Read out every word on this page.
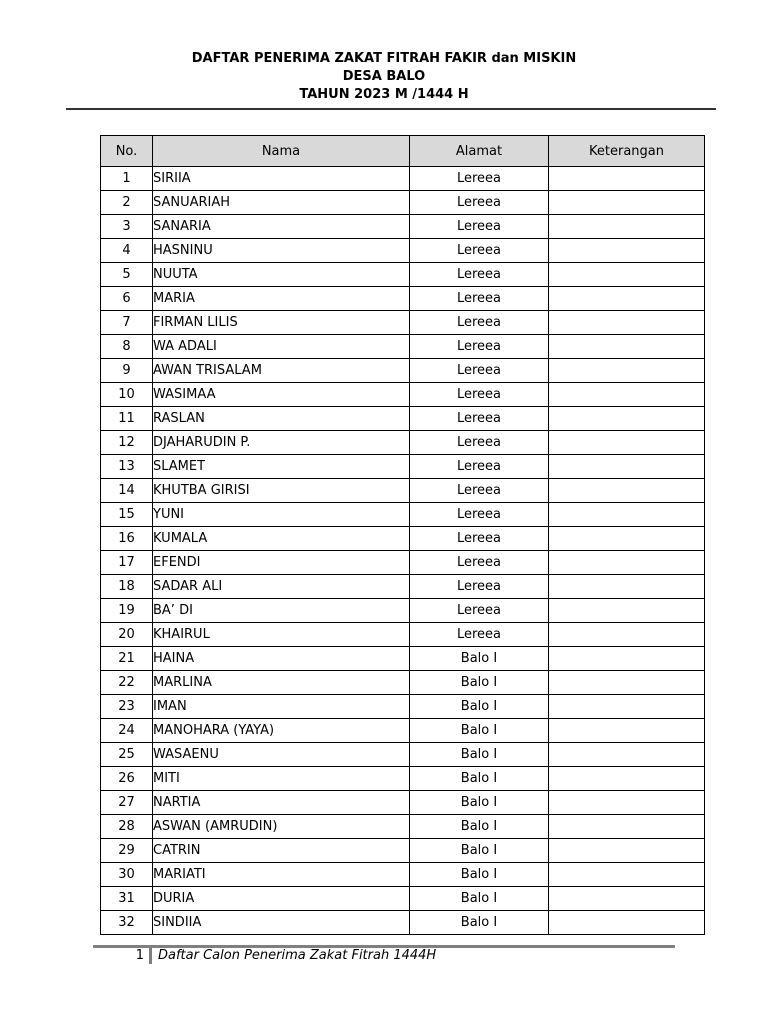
DAFTAR PENERIMA ZAKAT FITRAH FAKIR dan MISKIN
DESA BALO
TAHUN 2023 M /1444 H
No.	Nama	Alamat	Keterangan
1	SIRIIA	Lereea	
2	SANUARIAH	Lereea	
3	SANARIA	Lereea	
4	HASNINU	Lereea	
5	NUUTA	Lereea	
6	MARIA	Lereea	
7	FIRMAN LILIS	Lereea	
8	WA ADALI	Lereea	
9	AWAN TRISALAM	Lereea	
10	WASIMAA	Lereea	
11	RASLAN	Lereea	
12	DJAHARUDIN P.	Lereea	
13	SLAMET	Lereea	
14	KHUTBA GIRISI	Lereea	
15	YUNI	Lereea	
16	KUMALA	Lereea	
17	EFENDI	Lereea	
18	SADAR ALI	Lereea	
19	BA’ DI	Lereea	
20	KHAIRUL	Lereea	
21	HAINA	Balo I	
22	MARLINA	Balo I	
23	IMAN	Balo I	
24	MANOHARA (YAYA)	Balo I	
25	WASAENU	Balo I	
26	MITI	Balo I	
27	NARTIA	Balo I	
28	ASWAN (AMRUDIN)	Balo I	
29	CATRIN	Balo I	
30	MARIATI	Balo I	
31	DURIA	Balo I	
32	SINDIIA	Balo I	
1	Daftar Calon Penerima Zakat Fitrah 1444H
